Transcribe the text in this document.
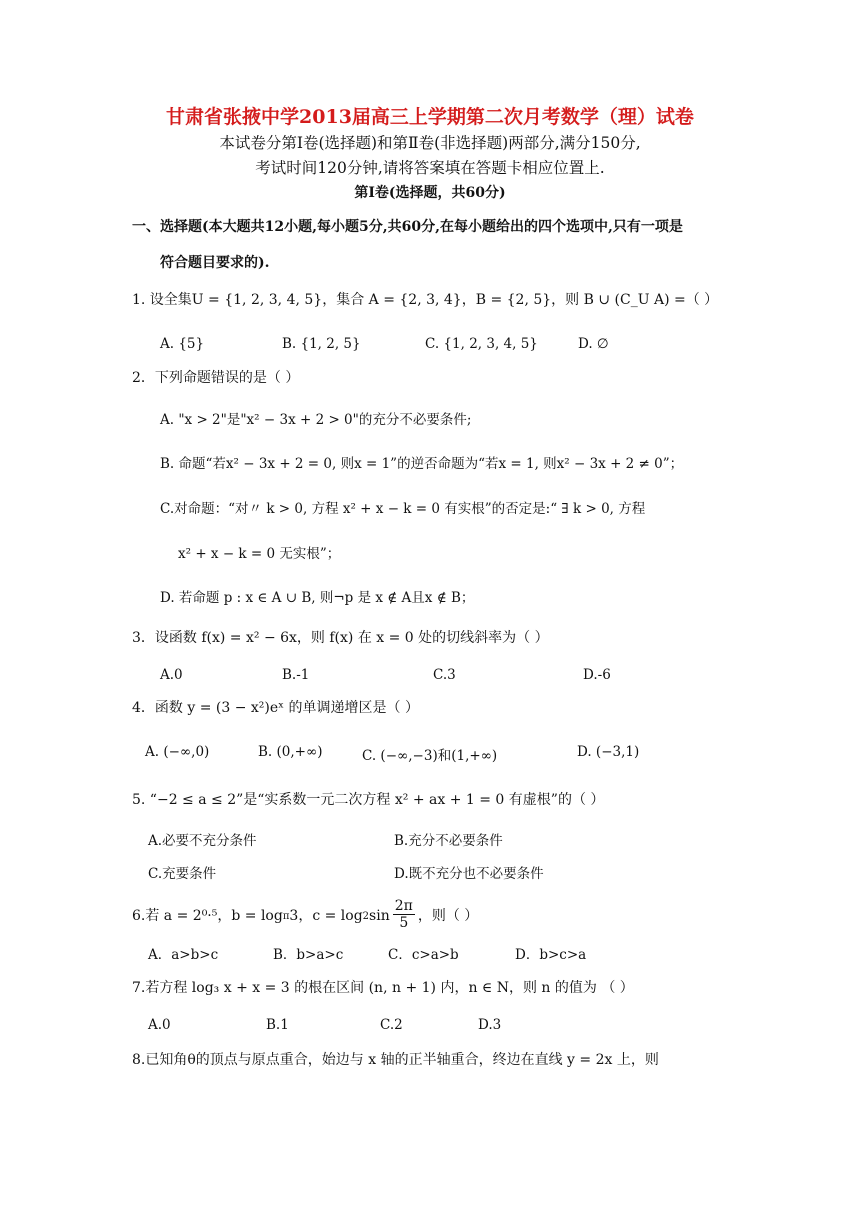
甘肃省张掖中学2013届高三上学期第二次月考数学（理）试卷
本试卷分第Ⅰ卷(选择题)和第Ⅱ卷(非选择题)两部分,满分150分,
考试时间120分钟,请将答案填在答题卡相应位置上.
第Ⅰ卷(选择题，共60分)
一、选择题(本大题共12小题,每小题5分,共60分,在每小题给出的四个选项中,只有一项是
符合题目要求的).
1. 设全集U = {1, 2, 3, 4, 5}，集合 A = {2, 3, 4}，B = {2, 5}，则 B ∪ (C_U A) =（ ）
A. {5}	B. {1, 2, 5}	C. {1, 2, 3, 4, 5}	D. ∅
2．下列命题错误的是（ ）
A. "x > 2"是"x² − 3x + 2 > 0"的充分不必要条件;
B. 命题“若x² − 3x + 2 = 0, 则x = 1”的逆否命题为“若x = 1, 则x² − 3x + 2 ≠ 0”；
C.对命题：“对〃 k > 0, 方程 x² + x − k = 0 有实根”的否定是:“ ∃ k > 0, 方程
x² + x − k = 0 无实根”；
D. 若命题 p : x ∈ A ∪ B, 则¬p 是 x ∉ A且x ∉ B；
3．设函数 f(x) = x² − 6x，则 f(x) 在 x = 0 处的切线斜率为（ ）
A.0	B.-1	C.3	D.-6
4．函数 y = (3 − x²)eˣ 的单调递增区是（ ）
A. (−∞,0)	B. (0,+∞)	C. (−∞,−3)和(1,+∞)	D. (−3,1)
5. “−2 ≤ a ≤ 2”是“实系数一元二次方程 x² + ax + 1 = 0 有虚根”的（ ）
A.必要不充分条件	B.充分不必要条件
C.充要条件	D.既不充分也不必要条件
6.若 a = 2⁰·⁵，b = log π 3，c = log 2 $\sin \frac{2\pi}{5}$ ，则（ ）
A．a>b>c	B．b>a>c	C．c>a>b	D．b>c>a
7.若方程 log₃ x + x = 3 的根在区间 (n, n + 1) 内，n ∈ N，则 n 的值为 （ ）
A.0	B.1	C.2	D.3
8.已知角θ的顶点与原点重合，始边与 x 轴的正半轴重合，终边在直线 y = 2x 上，则
